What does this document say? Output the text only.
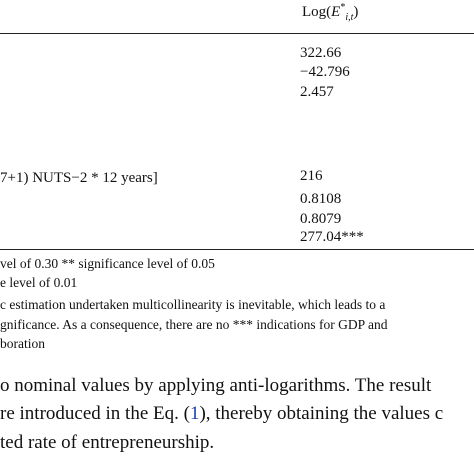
$Log(E^*_{i,t})$
322.66
−42.796
2.457
7+1) NUTS−2 * 12 years]	216
0.8108
0.8079
277.04***
vel of 0.30 ** significance level of 0.05
e level of 0.01
c estimation undertaken multicollinearity is inevitable, which leads to a
gnificance. As a consequence, there are no *** indications for GDP and
boration
o nominal values by applying anti-logarithms. The result
re introduced in the Eq. (1), thereby obtaining the values c
ted rate of entrepreneurship.
